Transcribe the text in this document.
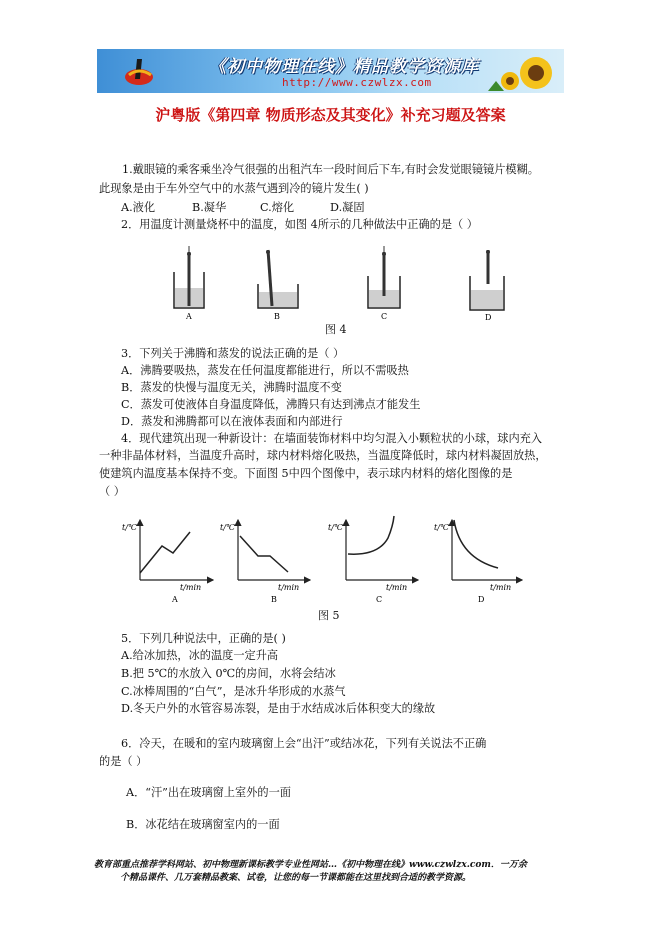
《初中物理在线》精品教学资源库
http://www.czwlzx.com
沪粤版《第四章 物质形态及其变化》补充习题及答案
1.戴眼镜的乘客乘坐冷气很强的出租汽车一段时间后下车,有时会发觉眼镜镜片模糊。
此现象是由于车外空气中的水蒸气遇到冷的镜片发生( )
A.液化	B.凝华	C.熔化	D.凝固
2．用温度计测量烧杯中的温度，如图 4所示的几种做法中正确的是（ ）
A	B	C	D
图 4
3．下列关于沸腾和蒸发的说法正确的是（ ）
A．沸腾要吸热，蒸发在任何温度都能进行，所以不需吸热
B．蒸发的快慢与温度无关，沸腾时温度不变
C．蒸发可使液体自身温度降低，沸腾只有达到沸点才能发生
D．蒸发和沸腾都可以在液体表面和内部进行
4．现代建筑出现一种新设计：在墙面装饰材料中均匀混入小颗粒状的小球，球内充入
一种非晶体材料，当温度升高时，球内材料熔化吸热，当温度降低时，球内材料凝固放热，
使建筑内温度基本保持不变。下面图 5中四个图像中，表示球内材料的熔化图像的是
（ ）
t/℃
t/min
A
t/℃
t/min
B
t/℃
t/min
C
t/℃
t/min
D
图 5
5．下列几种说法中，正确的是( )
A.给冰加热，冰的温度一定升高
B.把 5℃的水放入 0℃的房间，水将会结冰
C.冰棒周围的“白气”，是冰升华形成的水蒸气
D.冬天户外的水管容易冻裂，是由于水结成冰后体积变大的缘故
6．冷天，在暖和的室内玻璃窗上会“出汗”或结冰花，下列有关说法不正确
的是（ ）
A．“汗”出在玻璃窗上室外的一面
B．冰花结在玻璃窗室内的一面
教育部重点推荐学科网站、初中物理新课标教学专业性网站…《初中物理在线》www.czwlzx.com．一万余
个精品课件、几万套精品教案、试卷，让您的每一节课都能在这里找到合适的教学资源。
